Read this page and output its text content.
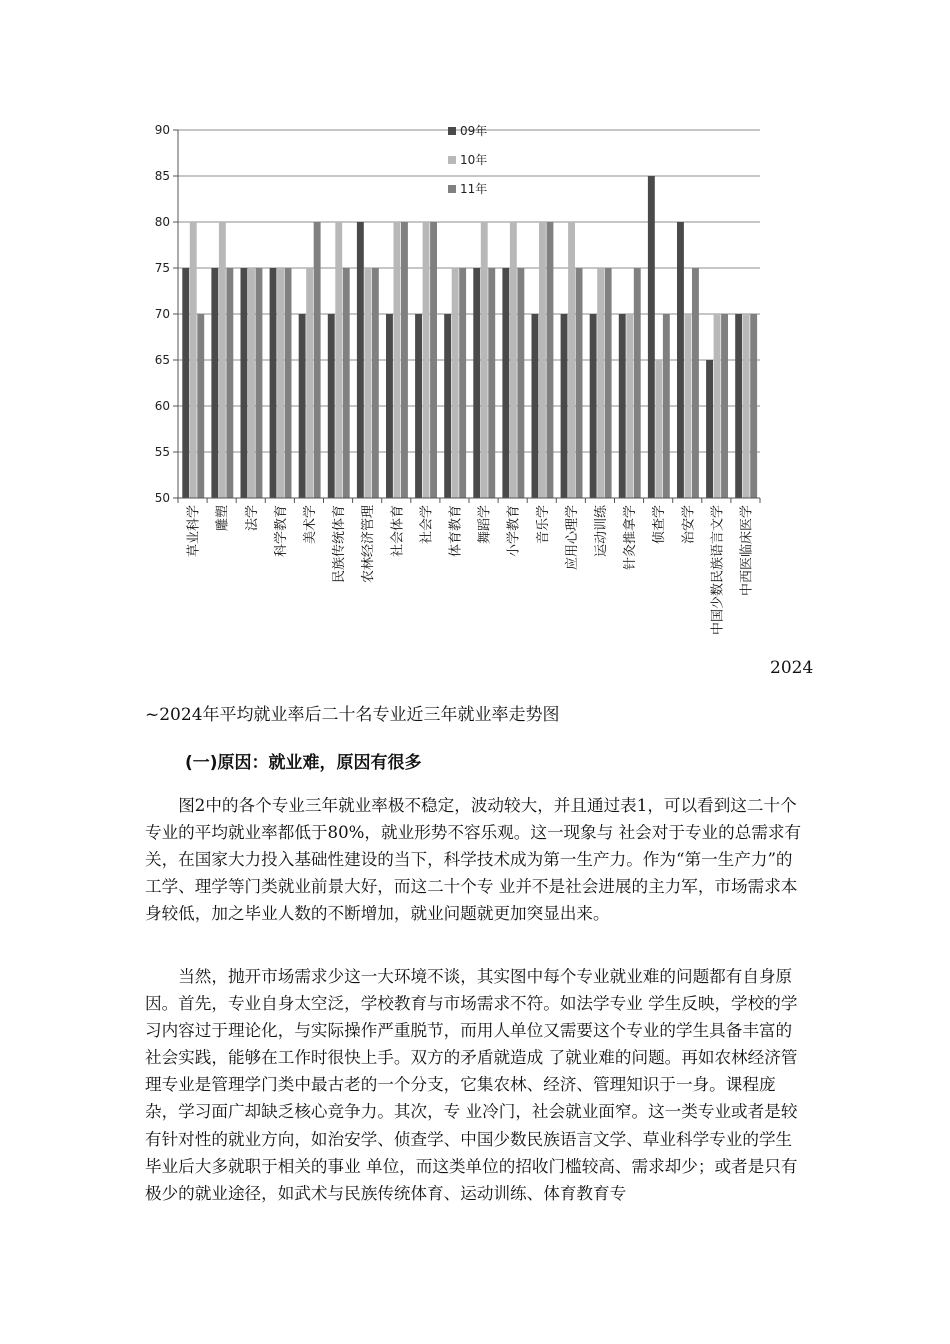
50
55
60
65
70
75
80
85
90
草业科学 雕塑 法学 科学教育 美术学 民族传统体育 农林经济管理 社会体育 社会学 体育教育 舞蹈学 小学教育 音乐学 应用心理学 运动训练 针灸推拿学 侦查学 治安学 中国少数民族语言文学 中西医临床医学
09年
10年
11年
2024
~2024年平均就业率后二十名专业近三年就业率走势图
(一)原因：就业难，原因有很多

图2中的各个专业三年就业率极不稳定，波动较大，并且通过表1，可以看到这二十个专业的平均就业率都低于80%，就业形势不容乐观。这一现象与 社会对于专业的总需求有关，在国家大力投入基础性建设的当下，科学技术成为第一生产力。作为“第一生产力”的工学、理学等门类就业前景大好，而这二十个专 业并不是社会进展的主力军，市场需求本身较低，加之毕业人数的不断增加，就业问题就更加突显出来。

当然，抛开市场需求少这一大环境不谈，其实图中每个专业就业难的问题都有自身原因。首先，专业自身太空泛，学校教育与市场需求不符。如法学专业 学生反映，学校的学习内容过于理论化，与实际操作严重脱节，而用人单位又需要这个专业的学生具备丰富的社会实践，能够在工作时很快上手。双方的矛盾就造成 了就业难的问题。再如农林经济管理专业是管理学门类中最古老的一个分支，它集农林、经济、管理知识于一身。课程庞杂，学习面广却缺乏核心竞争力。其次，专 业冷门，社会就业面窄。这一类专业或者是较有针对性的就业方向，如治安学、侦查学、中国少数民族语言文学、草业科学专业的学生毕业后大多就职于相关的事业 单位，而这类单位的招收门槛较高、需求却少；或者是只有极少的就业途径，如武术与民族传统体育、运动训练、体育教育专
